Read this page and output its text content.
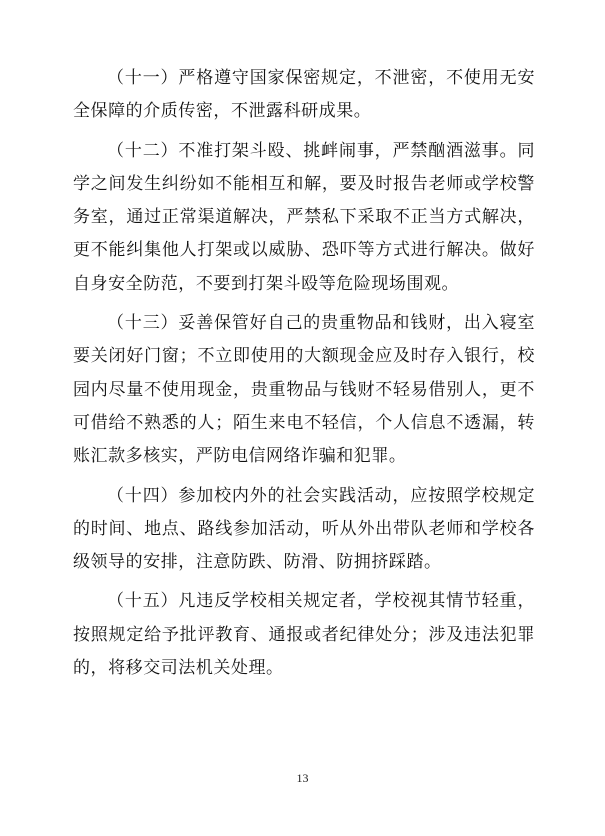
（十一）严格遵守国家保密规定，不泄密，不使用无安全保障的介质传密，不泄露科研成果。

（十二）不准打架斗殴、挑衅闹事，严禁酗酒滋事。同学之间发生纠纷如不能相互和解，要及时报告老师或学校警务室，通过正常渠道解决，严禁私下采取不正当方式解决，更不能纠集他人打架或以威胁、恐吓等方式进行解决。做好自身安全防范，不要到打架斗殴等危险现场围观。

（十三）妥善保管好自己的贵重物品和钱财，出入寝室要关闭好门窗；不立即使用的大额现金应及时存入银行，校园内尽量不使用现金，贵重物品与钱财不轻易借别人，更不可借给不熟悉的人；陌生来电不轻信，个人信息不透漏，转账汇款多核实，严防电信网络诈骗和犯罪。

（十四）参加校内外的社会实践活动，应按照学校规定的时间、地点、路线参加活动，听从外出带队老师和学校各级领导的安排，注意防跌、防滑、防拥挤踩踏。

（十五）凡违反学校相关规定者，学校视其情节轻重，按照规定给予批评教育、通报或者纪律处分；涉及违法犯罪的，将移交司法机关处理。

13
